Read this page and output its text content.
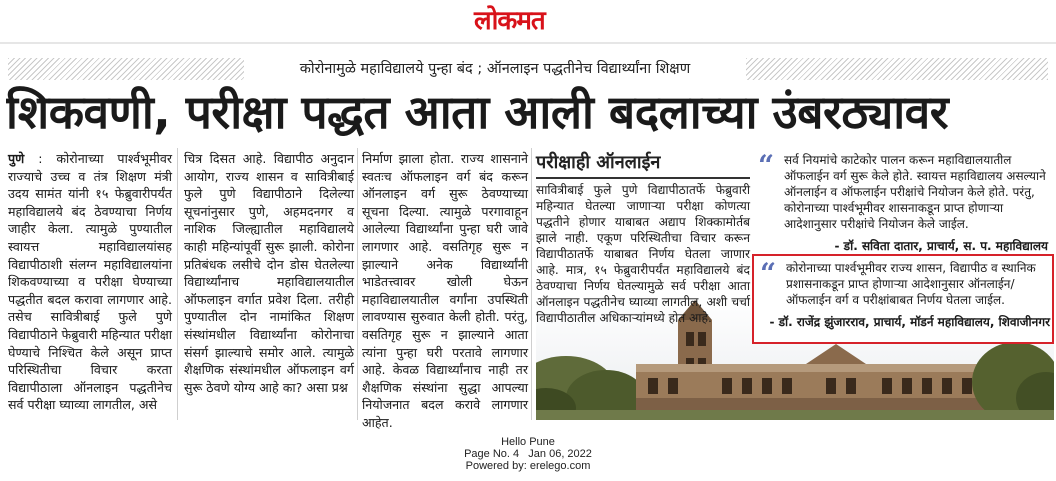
लोकमत
कोरोनामुळे महाविद्यालये पुन्हा बंद ; ऑनलाइन पद्धतीनेच विद्यार्थ्यांना शिक्षण
शिकवणी, परीक्षा पद्धत आता आली बदलाच्या उंबरठ्यावर
पुणे : कोरोनाच्या पार्श्वभूमीवर राज्याचे उच्च व तंत्र शिक्षण मंत्री उदय सामंत यांनी १५ फेब्रुवारीपर्यंत महाविद्यालये बंद ठेवण्याचा निर्णय जाहीर केला. त्यामुळे पुण्यातील स्वायत्त महाविद्यालयांसह विद्यापीठाशी संलग्न महाविद्यालयांना शिकवण्याच्या व परीक्षा घेण्याच्या पद्धतीत बदल करावा लागणार आहे. तसेच सावित्रीबाई फुले पुणे विद्यापीठाने फेब्रुवारी महिन्यात परीक्षा घेण्याचे निश्चित केले असून प्राप्त परिस्थितीचा विचार करता विद्यापीठाला ऑनलाइन पद्धतीनेच सर्व परीक्षा घ्याव्या लागतील, असे
चित्र दिसत आहे. विद्यापीठ अनुदान आयोग, राज्य शासन व सावित्रीबाई फुले पुणे विद्यापीठाने दिलेल्या सूचनांनुसार पुणे, अहमदनगर व नाशिक जिल्ह्यातील महाविद्यालये काही महिन्यांपूर्वी सुरू झाली. कोरोना प्रतिबंधक लसीचे दोन डोस घेतलेल्या विद्यार्थ्यांनाच महाविद्यालयातील ऑफलाइन वर्गात प्रवेश दिला. तरीही पुण्यातील दोन नामांकित शिक्षण संस्थांमधील विद्यार्थ्यांना कोरोनाचा संसर्ग झाल्याचे समोर आले. त्यामुळे शैक्षणिक संस्थांमधील ऑफलाइन वर्ग सुरू ठेवणे योग्य आहे का? असा प्रश्न
निर्माण झाला होता. राज्य शासनाने स्वतःच ऑफलाइन वर्ग बंद करून ऑनलाइन वर्ग सुरू ठेवण्याच्या सूचना दिल्या. त्यामुळे परगावाहून आलेल्या विद्यार्थ्यांना पुन्हा घरी जावे लागणार आहे. वसतिगृह सुरू न झाल्याने अनेक विद्यार्थ्यांनी भाडेतत्त्वावर खोली घेऊन महाविद्यालयातील वर्गांना उपस्थिती लावण्यास सुरुवात केली होती. परंतु, वसतिगृह सुरू न झाल्याने आता त्यांना पुन्हा घरी परतावे लागणार आहे. केवळ विद्यार्थ्यांनाच नाही तर शैक्षणिक संस्थांना सुद्धा आपल्या नियोजनात बदल करावे लागणार आहेत.
परीक्षाही ऑनलाईन
सावित्रीबाई फुले पुणे विद्यापीठातर्फे फेब्रुवारी महिन्यात घेतल्या जाणाऱ्या परीक्षा कोणत्या पद्धतीने होणार याबाबत अद्याप शिक्कामोर्तब झाले नाही. एकूण परिस्थितीचा विचार करून विद्यापीठातर्फे याबाबत निर्णय घेतला जाणार आहे. मात्र, १५ फेब्रुवारीपर्यंत महाविद्यालये बंद ठेवण्याचा निर्णय घेतल्यामुळे सर्व परीक्षा आता ऑनलाइन पद्धतीनेच घ्याव्या लागतील, अशी चर्चा विद्यापीठातील अधिकाऱ्यांमध्ये होत आहे.
“ सर्व नियमांचे काटेकोर पालन करून महाविद्यालयातील ऑफलाईन वर्ग सुरू केले होते. स्वायत्त महाविद्यालय असल्याने ऑनलाईन व ऑफलाईन परीक्षांचे नियोजन केले होते. परंतु, कोरोनाच्या पार्श्वभूमीवर शासनाकडून प्राप्त होणाऱ्या आदेशानुसार परीक्षांचे नियोजन केले जाईल.
- डॉ. सविता दातार, प्राचार्य, स. प. महाविद्यालय
“ कोरोनाच्या पार्श्वभूमीवर राज्य शासन, विद्यापीठ व स्थानिक प्रशासनाकडून प्राप्त होणाऱ्या आदेशानुसार ऑनलाईन/ऑफलाईन वर्ग व परीक्षांबाबत निर्णय घेतला जाईल.
- डॉ. राजेंद्र झुंजारराव, प्राचार्य, मॉडर्न महाविद्यालय, शिवाजीनगर
Hello Pune
Page No. 4 Jan 06, 2022
Powered by: erelego.com
